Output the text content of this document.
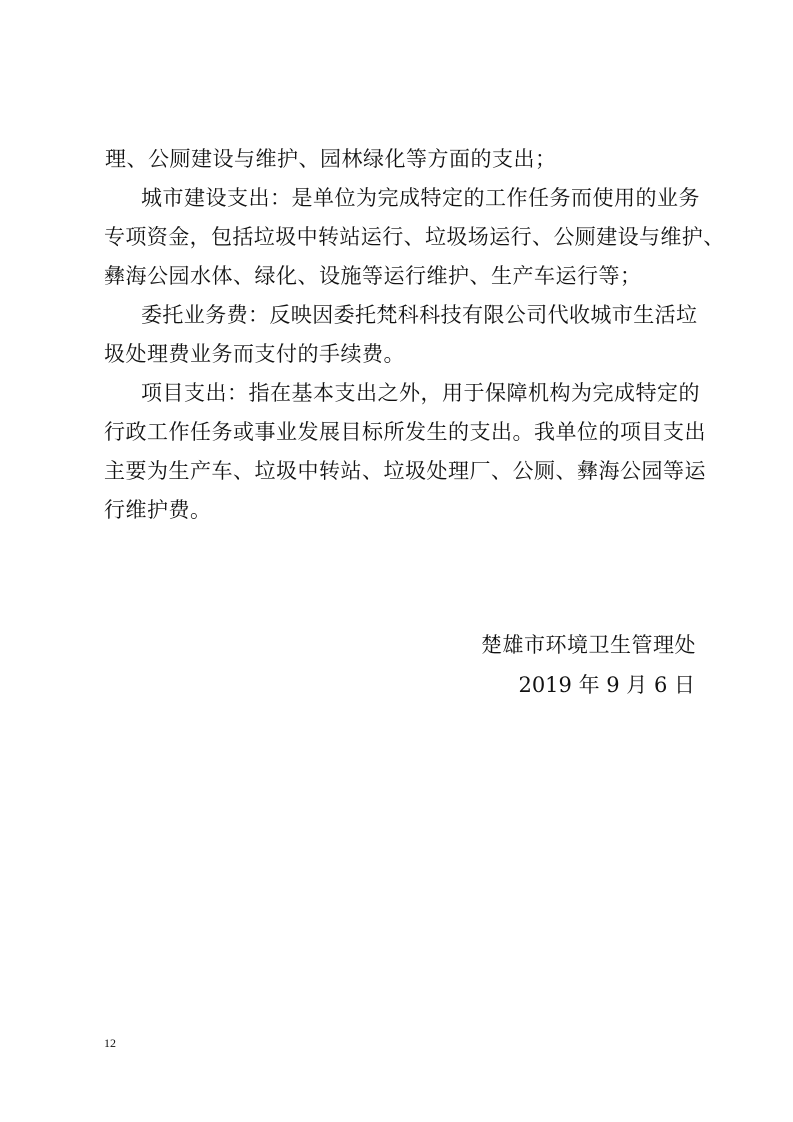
理、公厕建设与维护、园林绿化等方面的支出；
城市建设支出：是单位为完成特定的工作任务而使用的业务
专项资金，包括垃圾中转站运行、垃圾场运行、公厕建设与维护、
彝海公园水体、绿化、设施等运行维护、生产车运行等；
委托业务费：反映因委托梵科科技有限公司代收城市生活垃
圾处理费业务而支付的手续费。
项目支出：指在基本支出之外，用于保障机构为完成特定的
行政工作任务或事业发展目标所发生的支出。我单位的项目支出
主要为生产车、垃圾中转站、垃圾处理厂、公厕、彝海公园等运
行维护费。
楚雄市环境卫生管理处
2019 年 9 月 6 日
12
